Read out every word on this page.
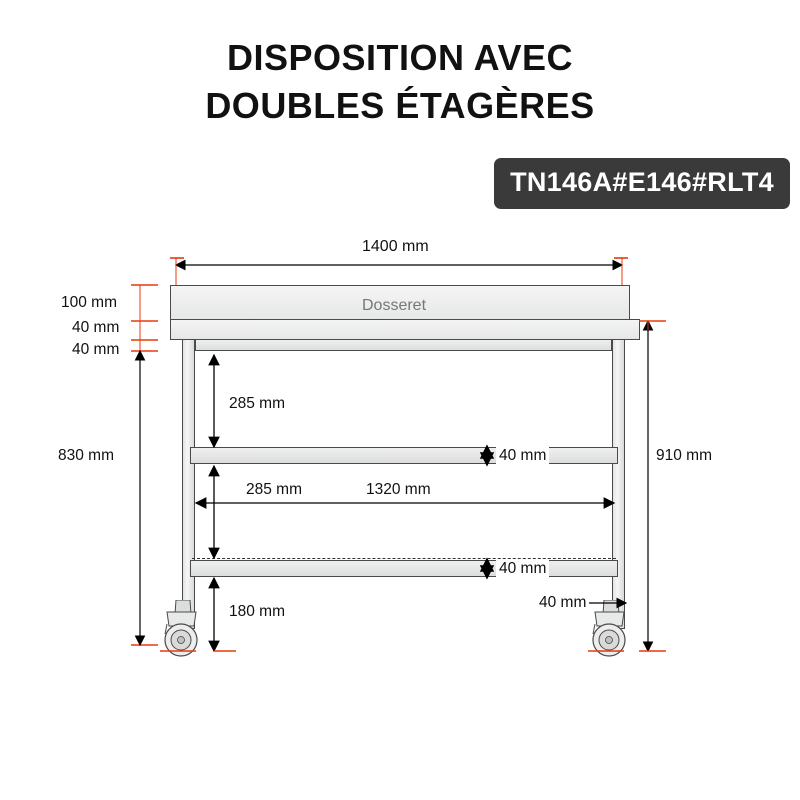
DISPOSITION AVEC
DOUBLES ÉTAGÈRES
TN146A#E146#RLT4
Dosseret
1400 mm
100 mm
40 mm
40 mm
830 mm	910 mm
285 mm
40 mm
285 mm	1320 mm
40 mm
40 mm
180 mm
